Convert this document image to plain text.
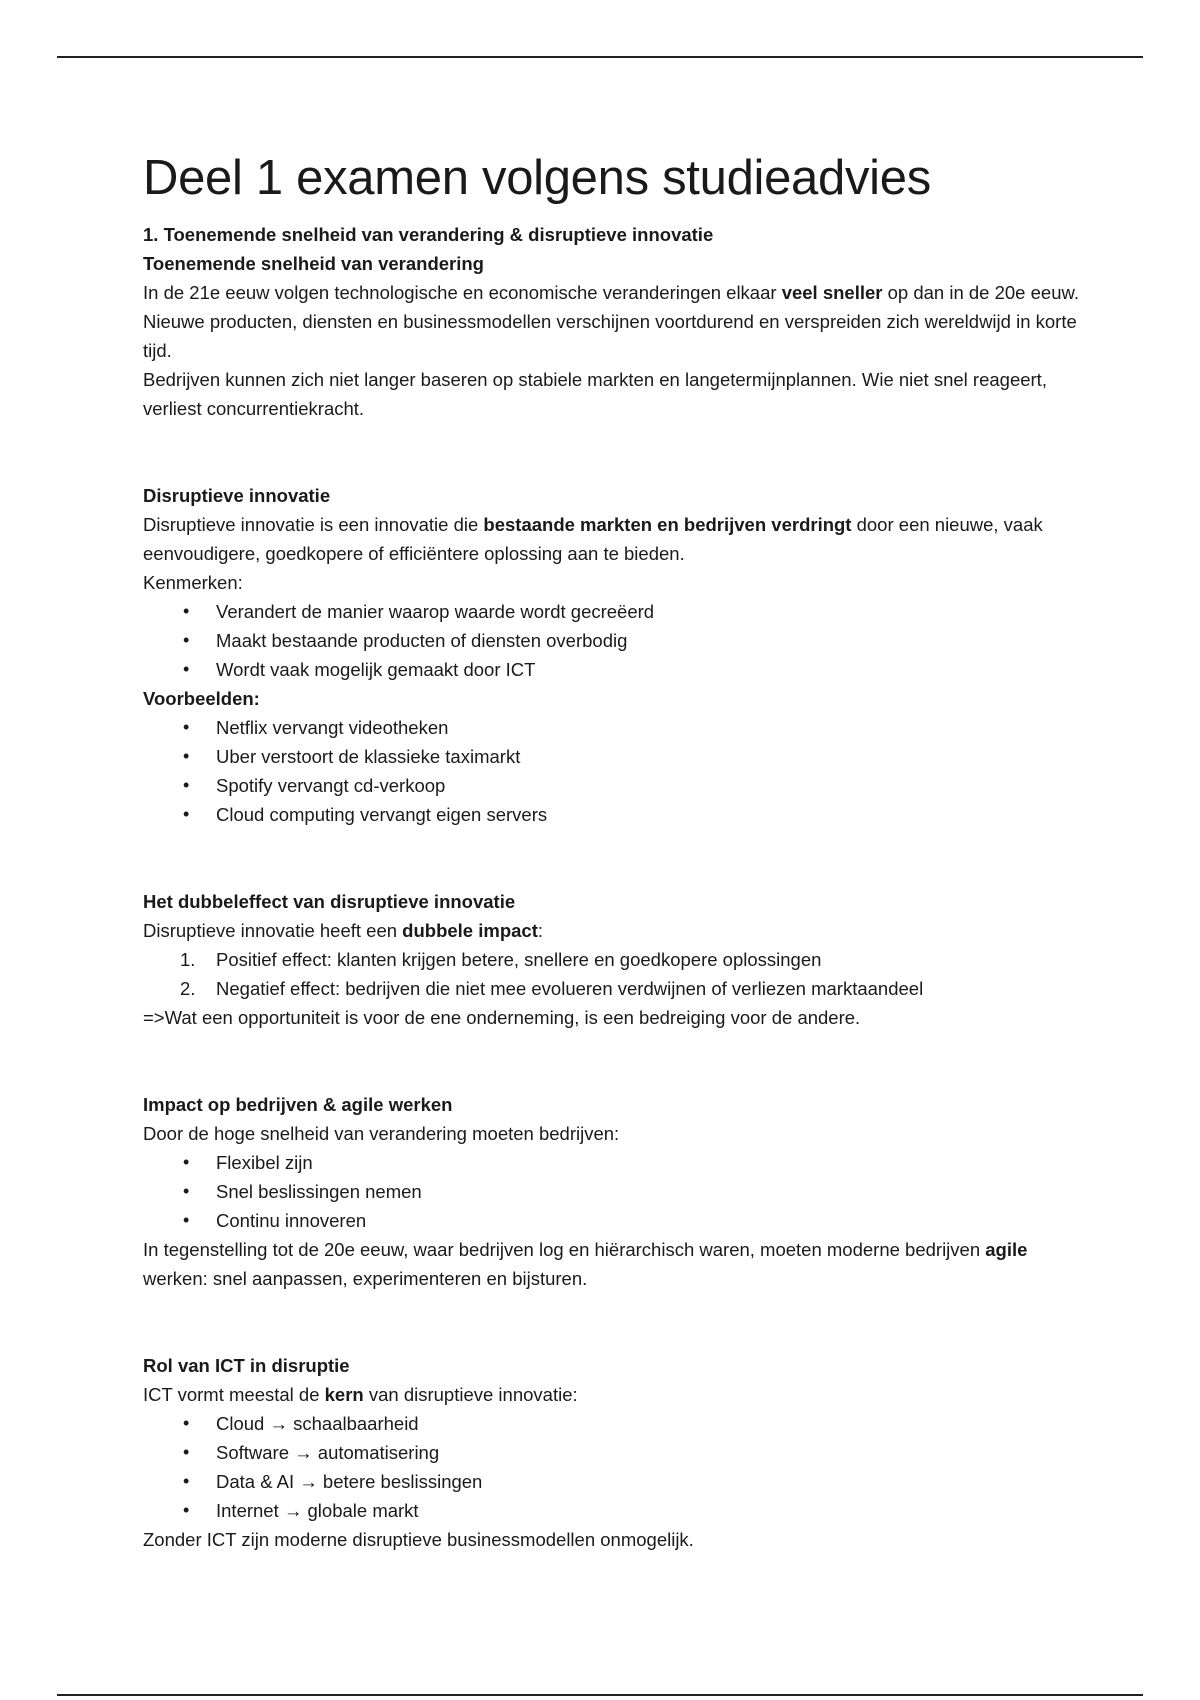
Deel 1 examen volgens studieadvies

1. Toenemende snelheid van verandering & disruptieve innovatie

Toenemende snelheid van verandering

In de 21e eeuw volgen technologische en economische veranderingen elkaar veel sneller op dan in de 20e eeuw. Nieuwe producten, diensten en businessmodellen verschijnen voortdurend en verspreiden zich wereldwijd in korte tijd.

Bedrijven kunnen zich niet langer baseren op stabiele markten en langetermijnplannen. Wie niet snel reageert, verliest concurrentiekracht.

Disruptieve innovatie

Disruptieve innovatie is een innovatie die bestaande markten en bedrijven verdringt door een nieuwe, vaak eenvoudigere, goedkopere of efficiëntere oplossing aan te bieden.

Kenmerken:

• Verandert de manier waarop waarde wordt gecreëerd
• Maakt bestaande producten of diensten overbodig
• Wordt vaak mogelijk gemaakt door ICT

Voorbeelden:

• Netflix vervangt videotheken
• Uber verstoort de klassieke taximarkt
• Spotify vervangt cd-verkoop
• Cloud computing vervangt eigen servers

Het dubbeleffect van disruptieve innovatie

Disruptieve innovatie heeft een dubbele impact:

1. Positief effect: klanten krijgen betere, snellere en goedkopere oplossingen
2. Negatief effect: bedrijven die niet mee evolueren verdwijnen of verliezen marktaandeel

=>Wat een opportuniteit is voor de ene onderneming, is een bedreiging voor de andere.

Impact op bedrijven & agile werken

Door de hoge snelheid van verandering moeten bedrijven:

• Flexibel zijn
• Snel beslissingen nemen
• Continu innoveren

In tegenstelling tot de 20e eeuw, waar bedrijven log en hiërarchisch waren, moeten moderne bedrijven agile werken: snel aanpassen, experimenteren en bijsturen.

Rol van ICT in disruptie

ICT vormt meestal de kern van disruptieve innovatie:

• Cloud → schaalbaarheid
• Software → automatisering
• Data & AI → betere beslissingen
• Internet → globale markt

Zonder ICT zijn moderne disruptieve businessmodellen onmogelijk.
